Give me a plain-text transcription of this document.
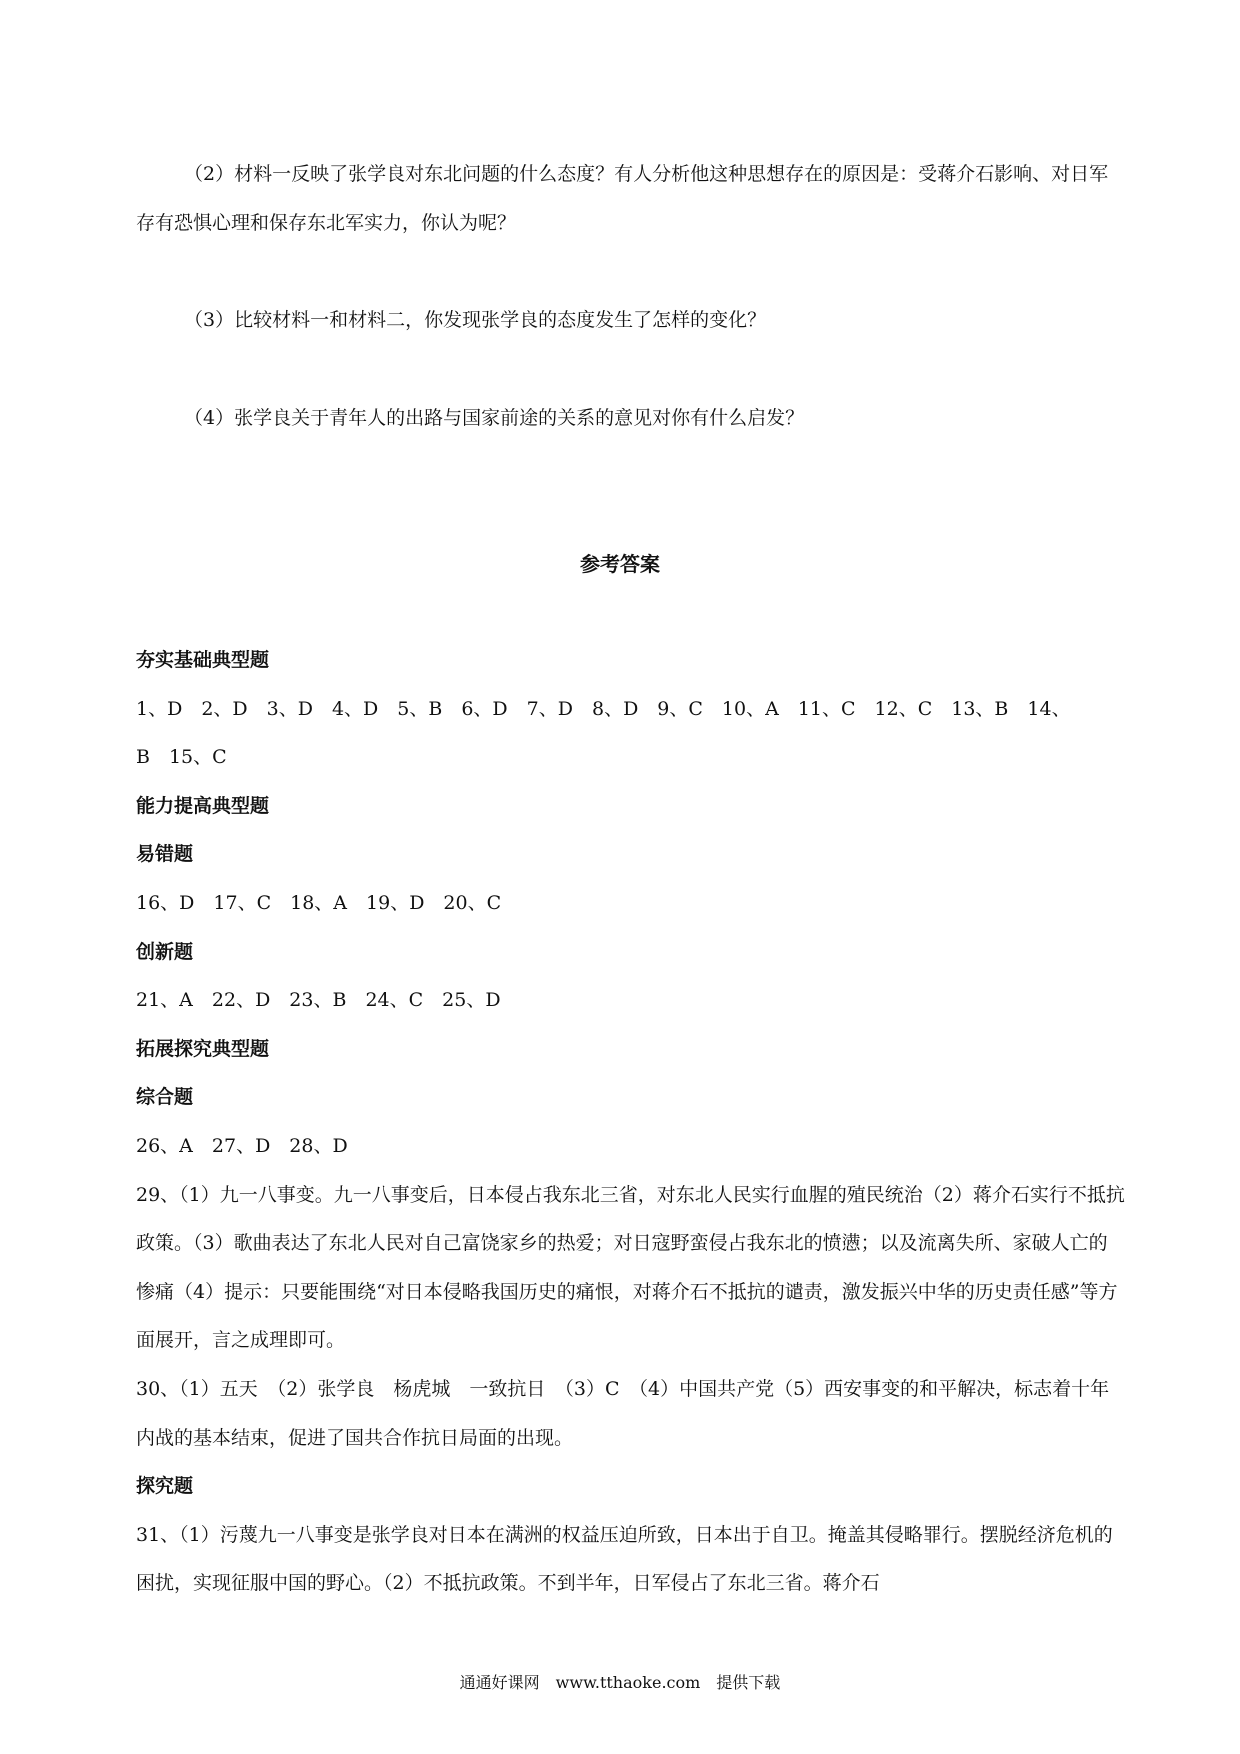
（2）材料一反映了张学良对东北问题的什么态度？有人分析他这种思想存在的原因是：受蒋介石影响、对日军存有恐惧心理和保存东北军实力，你认为呢？

（3）比较材料一和材料二，你发现张学良的态度发生了怎样的变化？

（4）张学良关于青年人的出路与国家前途的关系的意见对你有什么启发？

参考答案
夯实基础典型题
1、D　2、D　3、D　4、D　5、B　6、D　7、D　8、D　9、C　10、A　11、C　12、C　13、B　14、
B　15、C
能力提高典型题
易错题
16、D　17、C　18、A　19、D　20、C
创新题
21、A　22、D　23、B　24、C　25、D
拓展探究典型题
综合题
26、A　27、D　28、D
29、（1）九一八事变。九一八事变后，日本侵占我东北三省，对东北人民实行血腥的殖民统治（2）蒋介石实行不抵抗政策。（3）歌曲表达了东北人民对自己富饶家乡的热爱；对日寇野蛮侵占我东北的愤懑；以及流离失所、家破人亡的惨痛（4）提示：只要能围绕“对日本侵略我国历史的痛恨，对蒋介石不抵抗的谴责，激发振兴中华的历史责任感”等方面展开，言之成理即可。
30、（1）五天　（2）张学良　杨虎城　一致抗日　（3）C　（4）中国共产党（5）西安事变的和平解决，标志着十年内战的基本结束，促进了国共合作抗日局面的出现。
探究题
31、（1）污蔑九一八事变是张学良对日本在满洲的权益压迫所致，日本出于自卫。掩盖其侵略罪行。摆脱经济危机的困扰，实现征服中国的野心。（2）不抵抗政策。不到半年，日军侵占了东北三省。蒋介石

通通好课网　www.tthaoke.com　提供下载
